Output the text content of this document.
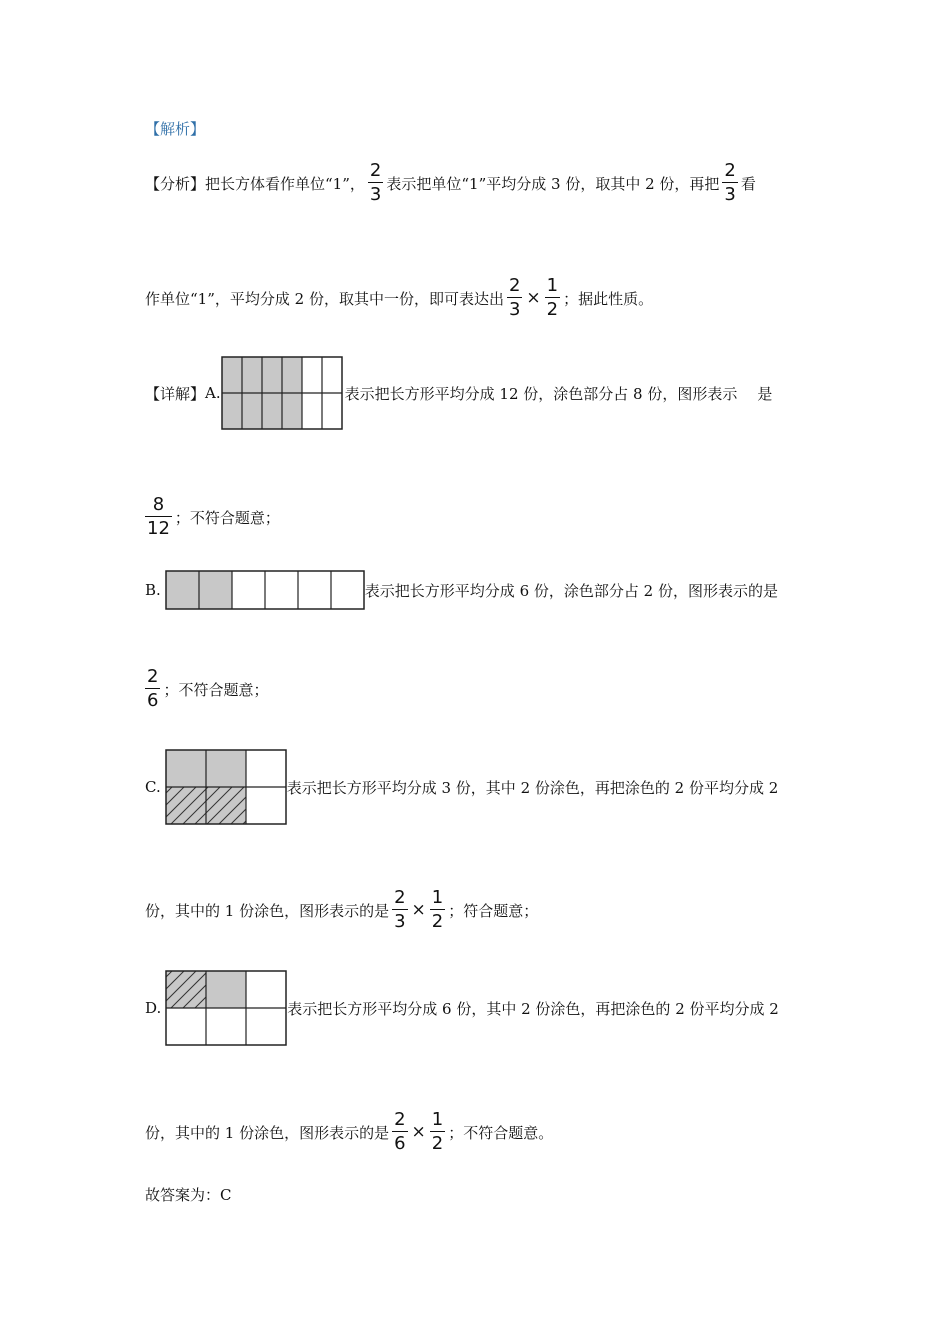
【解析】
【分析】 把长方体看作单位“1”， $\frac{2}{3}$ 表示把单位“1”平均分成 3 份，取其中 2 份，再把 $\frac{2}{3}$ 看
作单位“1”，平均分成 2 份，取其中一份，即可表达出 $\frac{2}{3} \times \frac{1}{2}$ ；据此性质。
【详解】 A.	表示把长方形平均分成 12 份，涂色部分占 8 份，图形表示 是
$\frac{8}{12}$ ；不符合题意；
B.	表示把长方形平均分成 6 份，涂色部分占 2 份，图形表示的是
$\frac{2}{6}$ ；不符合题意；
C.	表示把长方形平均分成 3 份，其中 2 份涂色，再把涂色的 2 份平均分成 2
份，其中的 1 份涂色，图形表示的是 $\frac{2}{3} \times \frac{1}{2}$ ；符合题意；
D.	表示把长方形平均分成 6 份，其中 2 份涂色，再把涂色的 2 份平均分成 2
份，其中的 1 份涂色，图形表示的是 $\frac{2}{6} \times \frac{1}{2}$ ；不符合题意。
故答案为：C
